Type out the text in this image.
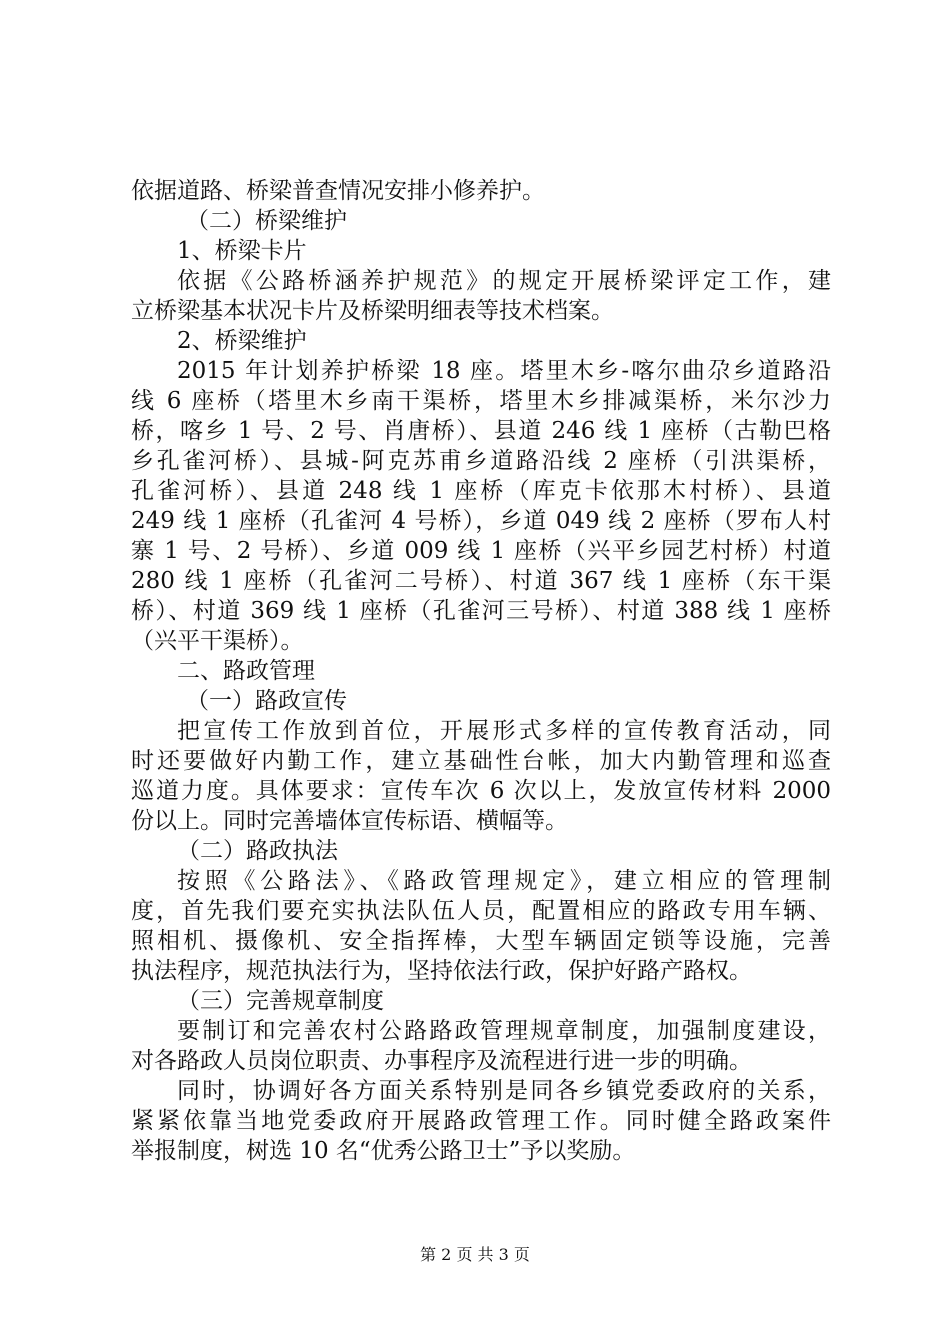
依据道路、桥梁普查情况安排小修养护。
（二）桥梁维护
1、桥梁卡片
依据《公路桥涵养护规范》的规定开展桥梁评定工作，建
立桥梁基本状况卡片及桥梁明细表等技术档案。
2、桥梁维护
2015 年计划养护桥梁 18 座。塔里木乡-喀尔曲尕乡道路沿
线 6 座桥（塔里木乡南干渠桥，塔里木乡排减渠桥，米尔沙力
桥，喀乡 1 号、2 号、肖唐桥）、县道 246 线 1 座桥（古勒巴格
乡孔雀河桥）、县城-阿克苏甫乡道路沿线 2 座桥（引洪渠桥，
孔雀河桥）、县道 248 线 1 座桥（库克卡依那木村桥）、县道
249 线 1 座桥（孔雀河 4 号桥），乡道 049 线 2 座桥（罗布人村
寨 1 号、2 号桥）、乡道 009 线 1 座桥（兴平乡园艺村桥）村道
280 线 1 座桥（孔雀河二号桥）、村道 367 线 1 座桥（东干渠
桥）、村道 369 线 1 座桥（孔雀河三号桥）、村道 388 线 1 座桥
（兴平干渠桥）。
二、路政管理
（一）路政宣传
把宣传工作放到首位，开展形式多样的宣传教育活动，同
时还要做好内勤工作，建立基础性台帐，加大内勤管理和巡查
巡道力度。具体要求：宣传车次 6 次以上，发放宣传材料 2000
份以上。同时完善墙体宣传标语、横幅等。
（二）路政执法
按照《公路法》、《路政管理规定》，建立相应的管理制
度，首先我们要充实执法队伍人员，配置相应的路政专用车辆、
照相机、摄像机、安全指挥棒，大型车辆固定锁等设施，完善
执法程序，规范执法行为，坚持依法行政，保护好路产路权。
（三）完善规章制度
要制订和完善农村公路路政管理规章制度，加强制度建设，
对各路政人员岗位职责、办事程序及流程进行进一步的明确。
同时，协调好各方面关系特别是同各乡镇党委政府的关系，
紧紧依靠当地党委政府开展路政管理工作。同时健全路政案件
举报制度，树选 10 名“优秀公路卫士”予以奖励。
第 2 页 共 3 页
